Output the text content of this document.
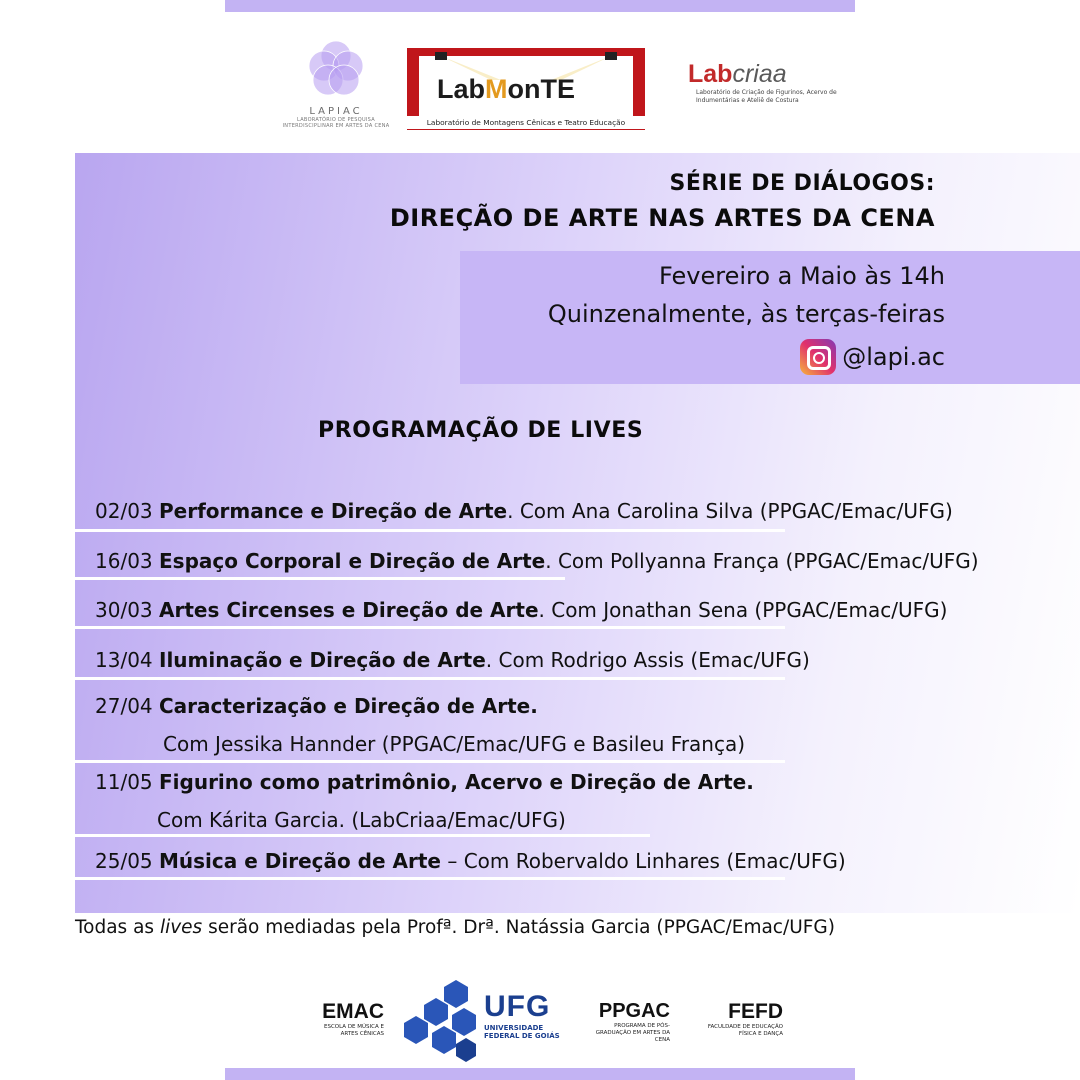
LAPIAC
LABORATÓRIO DE PESQUISA INTERDISCIPLINAR EM ARTES DA CENA
LabMonTE
Laboratório de Montagens Cênicas e Teatro Educação
Labcriaa
Laboratório de Criação de Figurinos, Acervo de Indumentárias e Ateliê de Costura
SÉRIE DE DIÁLOGOS:
DIREÇÃO DE ARTE NAS ARTES DA CENA
Fevereiro a Maio às 14h
Quinzenalmente, às terças-feiras
@lapi.ac
PROGRAMAÇÃO DE LIVES
02/03 Performance e Direção de Arte. Com Ana Carolina Silva (PPGAC/Emac/UFG)
16/03 Espaço Corporal e Direção de Arte. Com Pollyanna França (PPGAC/Emac/UFG)
30/03 Artes Circenses e Direção de Arte. Com Jonathan Sena (PPGAC/Emac/UFG)
13/04 Iluminação e Direção de Arte. Com Rodrigo Assis (Emac/UFG)
27/04 Caracterização e Direção de Arte.
Com Jessika Hannder (PPGAC/Emac/UFG e Basileu França)
11/05 Figurino como patrimônio, Acervo e Direção de Arte.
Com Kárita Garcia. (LabCriaa/Emac/UFG)
25/05 Música e Direção de Arte – Com Robervaldo Linhares (Emac/UFG)
Todas as lives serão mediadas pela Profª. Drª. Natássia Garcia (PPGAC/Emac/UFG)
EMAC
ESCOLA DE MÚSICA E ARTES CÊNICAS
UFG
UNIVERSIDADE
FEDERAL DE GOIÁS
PPGAC
PROGRAMA DE PÓS-GRADUAÇÃO EM ARTES DA CENA
FEFD
FACULDADE DE EDUCAÇÃO FÍSICA E DANÇA
